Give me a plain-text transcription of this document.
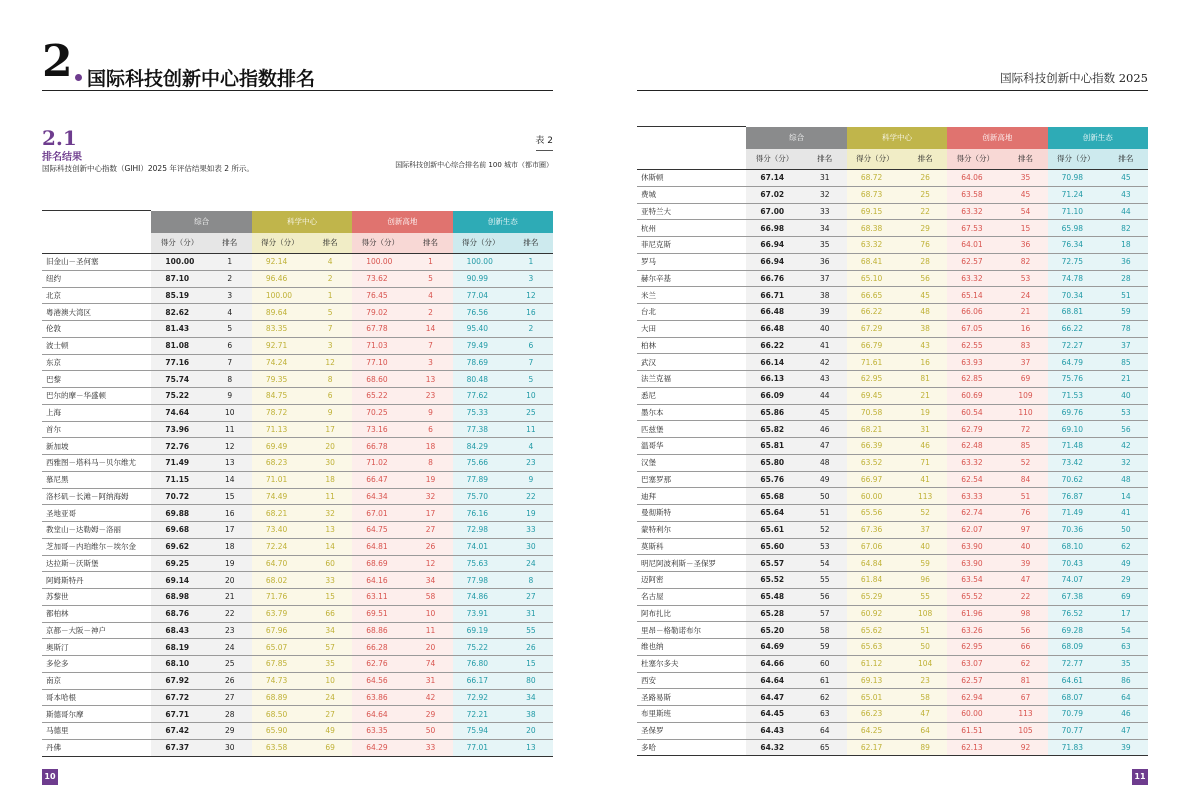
2 国际科技创新中心指数排名	国际科技创新中心指数 2025
2.1
排名结果
国际科技创新中心指数（GIHI）2025 年评估结果如表 2 所示。
表 2
国际科技创新中心综合排名前 100 城市（都市圈）
城市（都市圈）	综合		科学中心		创新高地		创新生态	
	得分（分）	排名	得分（分）	排名	得分（分）	排名	得分（分）	排名
旧金山－圣何塞	100.00	1	92.14	4	100.00	1	100.00	1
纽约	87.10	2	96.46	2	73.62	5	90.99	3
北京	85.19	3	100.00	1	76.45	4	77.04	12
粤港澳大湾区	82.62	4	89.64	5	79.02	2	76.56	16
伦敦	81.43	5	83.35	7	67.78	14	95.40	2
波士顿	81.08	6	92.71	3	71.03	7	79.49	6
东京	77.16	7	74.24	12	77.10	3	78.69	7
巴黎	75.74	8	79.35	8	68.60	13	80.48	5
巴尔的摩－华盛顿	75.22	9	84.75	6	65.22	23	77.62	10
上海	74.64	10	78.72	9	70.25	9	75.33	25
首尔	73.96	11	71.13	17	73.16	6	77.38	11
新加坡	72.76	12	69.49	20	66.78	18	84.29	4
西雅图－塔科马－贝尔维尤	71.49	13	68.23	30	71.02	8	75.66	23
慕尼黑	71.15	14	71.01	18	66.47	19	77.89	9
洛杉矶－长滩－阿纳海姆	70.72	15	74.49	11	64.34	32	75.70	22
圣地亚哥	69.88	16	68.21	32	67.01	17	76.16	19
教堂山－达勒姆－洛丽	69.68	17	73.40	13	64.75	27	72.98	33
芝加哥－内珀维尔－埃尔金	69.62	18	72.24	14	64.81	26	74.01	30
达拉斯－沃斯堡	69.25	19	64.70	60	68.69	12	75.63	24
阿姆斯特丹	69.14	20	68.02	33	64.16	34	77.98	8
苏黎世	68.98	21	71.76	15	63.11	58	74.86	27
都柏林	68.76	22	63.79	66	69.51	10	73.91	31
京都－大阪－神户	68.43	23	67.96	34	68.86	11	69.19	55
奥斯汀	68.19	24	65.07	57	66.28	20	75.22	26
多伦多	68.10	25	67.85	35	62.76	74	76.80	15
南京	67.92	26	74.73	10	64.56	31	66.17	80
哥本哈根	67.72	27	68.89	24	63.86	42	72.92	34
斯德哥尔摩	67.71	28	68.50	27	64.64	29	72.21	38
马德里	67.42	29	65.90	49	63.35	50	75.94	20
丹佛	67.37	30	63.58	69	64.29	33	77.01	13
城市（都市圈）	综合		科学中心		创新高地		创新生态	
	得分（分）	排名	得分（分）	排名	得分（分）	排名	得分（分）	排名
休斯顿	67.14	31	68.72	26	64.06	35	70.98	45
费城	67.02	32	68.73	25	63.58	45	71.24	43
亚特兰大	67.00	33	69.15	22	63.32	54	71.10	44
杭州	66.98	34	68.38	29	67.53	15	65.98	82
菲尼克斯	66.94	35	63.32	76	64.01	36	76.34	18
罗马	66.94	36	68.41	28	62.57	82	72.75	36
赫尔辛基	66.76	37	65.10	56	63.32	53	74.78	28
米兰	66.71	38	66.65	45	65.14	24	70.34	51
台北	66.48	39	66.22	48	66.06	21	68.81	59
大田	66.48	40	67.29	38	67.05	16	66.22	78
柏林	66.22	41	66.79	43	62.55	83	72.27	37
武汉	66.14	42	71.61	16	63.93	37	64.79	85
法兰克福	66.13	43	62.95	81	62.85	69	75.76	21
悉尼	66.09	44	69.45	21	60.69	109	71.53	40
墨尔本	65.86	45	70.58	19	60.54	110	69.76	53
匹兹堡	65.82	46	68.21	31	62.79	72	69.10	56
温哥华	65.81	47	66.39	46	62.48	85	71.48	42
汉堡	65.80	48	63.52	71	63.32	52	73.42	32
巴塞罗那	65.76	49	66.97	41	62.54	84	70.62	48
迪拜	65.68	50	60.00	113	63.33	51	76.87	14
曼彻斯特	65.64	51	65.56	52	62.74	76	71.49	41
蒙特利尔	65.61	52	67.36	37	62.07	97	70.36	50
莫斯科	65.60	53	67.06	40	63.90	40	68.10	62
明尼阿波利斯－圣保罗	65.57	54	64.84	59	63.90	39	70.43	49
迈阿密	65.52	55	61.84	96	63.54	47	74.07	29
名古屋	65.48	56	65.29	55	65.52	22	67.38	69
阿布扎比	65.28	57	60.92	108	61.96	98	76.52	17
里昂－格勒诺布尔	65.20	58	65.62	51	63.26	56	69.28	54
维也纳	64.69	59	65.63	50	62.95	66	68.09	63
杜塞尔多夫	64.66	60	61.12	104	63.07	62	72.77	35
西安	64.64	61	69.13	23	62.57	81	64.61	86
圣路易斯	64.47	62	65.01	58	62.94	67	68.07	64
布里斯班	64.45	63	66.23	47	60.00	113	70.79	46
圣保罗	64.43	64	64.25	64	61.51	105	70.77	47
多哈	64.32	65	62.17	89	62.13	92	71.83	39
10	11
